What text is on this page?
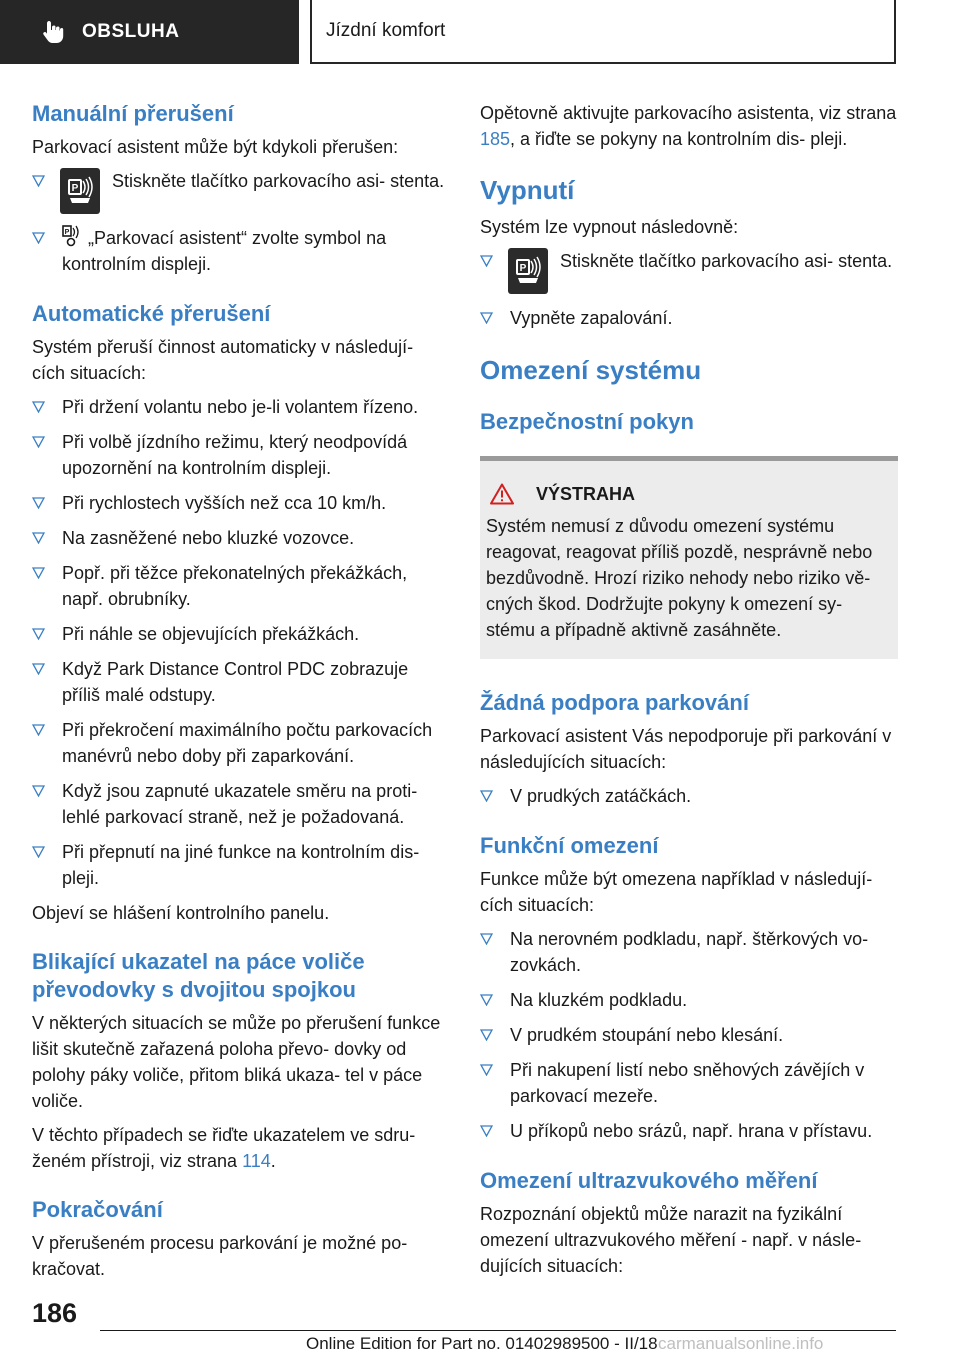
OBSLUHA	Jízdní komfort
Manuální přerušení
Parkovací asistent může být kdykoli přerušen:
P Stiskněte tlačítko parkovacího asi‐ stenta.
P „Parkovací asistent“ zvolte symbol na kontrolním displeji.
Automatické přerušení
Systém přeruší činnost automaticky v následují‐ cích situacích:
Při držení volantu nebo je-li volantem řízeno.
Při volbě jízdního režimu, který neodpovídá upozornění na kontrolním displeji.
Při rychlostech vyšších než cca 10 km/h.
Na zasněžené nebo kluzké vozovce.
Popř. při těžce překonatelných překážkách, např. obrubníky.
Při náhle se objevujících překážkách.
Když Park Distance Control PDC zobrazuje příliš malé odstupy.
Při překročení maximálního počtu parkovacích manévrů nebo doby při zaparkování.
Když jsou zapnuté ukazatele směru na proti‐ lehlé parkovací straně, než je požadovaná.
Při přepnutí na jiné funkce na kontrolním dis‐ pleji.
Objeví se hlášení kontrolního panelu.
Blikající ukazatel na páce voliče převodovky s dvojitou spojkou
V některých situacích se může po přerušení funkce lišit skutečně zařazená poloha převo‐ dovky od polohy páky voliče, přitom bliká ukaza‐ tel v páce voliče.
V těchto případech se řiďte ukazatelem ve sdru‐ ženém přístroji, viz strana 114.
Pokračování
V přerušeném procesu parkování je možné po‐ kračovat.
Opětovně aktivujte parkovacího asistenta, viz strana 185, a řiďte se pokyny na kontrolním dis‐ pleji.
Vypnutí
Systém lze vypnout následovně:
P Stiskněte tlačítko parkovacího asi‐ stenta.
Vypněte zapalování.
Omezení systému
Bezpečnostní pokyn
VÝSTRAHA
Systém nemusí z důvodu omezení systému reagovat, reagovat příliš pozdě, nesprávně nebo bezdůvodně. Hrozí riziko nehody nebo riziko vě‐ cných škod. Dodržujte pokyny k omezení sy‐ stému a případně aktivně zasáhněte.
Žádná podpora parkování
Parkovací asistent Vás nepodporuje při parkování v následujících situacích:
V prudkých zatáčkách.
Funkční omezení
Funkce může být omezena například v následují‐ cích situacích:
Na nerovném podkladu, např. štěrkových vo‐ zovkách.
Na kluzkém podkladu.
V prudkém stoupání nebo klesání.
Při nakupení listí nebo sněhových závějích v parkovací mezeře.
U příkopů nebo srázů, např. hrana v přístavu.
Omezení ultrazvukového měření
Rozpoznání objektů může narazit na fyzikální omezení ultrazvukového měření - např. v násle‐ dujících situacích:
186
Online Edition for Part no. 01402989500 - II/18 carmanualsonline.info
